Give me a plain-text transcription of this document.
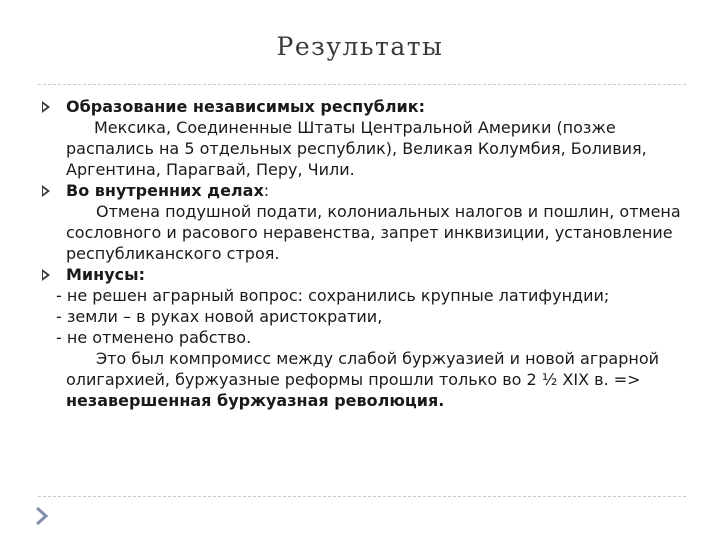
Результаты
Образование независимых республик:
Мексика, Соединенные Штаты Центральной Америки (позже распались на 5 отдельных республик), Великая Колумбия, Боливия, Аргентина, Парагвай, Перу, Чили.
Во внутренних делах:
Отмена подушной подати, колониальных налогов и пошлин, отмена сословного и расового неравенства, запрет инквизиции, установление республиканского строя.
Минусы:
- не решен аграрный вопрос: сохранились крупные латифундии;
- земли – в руках новой аристократии,
- не отменено рабство.
Это был компромисс между слабой буржуазией и новой аграрной олигархией, буржуазные реформы прошли только во 2 ½ XIX в. => незавершенная буржуазная революция.
